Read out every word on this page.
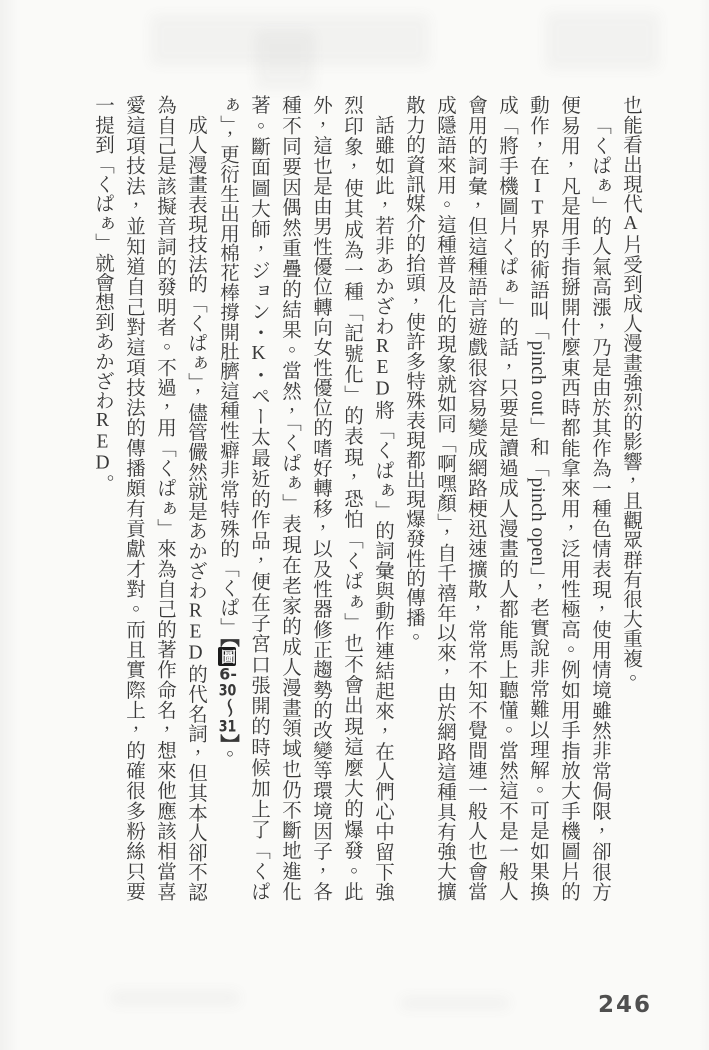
也能看出現代A片受到成人漫畫強烈的影響，且觀眾群有很大重複。

「くぱぁ」的人氣高漲，乃是由於其作為一種色情表現，使用情境雖然非常侷限，卻很方便易用，凡是用手指掰開什麼東西時都能拿來用，泛用性極高。例如用手指放大手機圖片的動作，在IT界的術語叫「pinch out」和「pinch open」，老實說非常難以理解。可是如果換成「將手機圖片くぱぁ」的話，只要是讀過成人漫畫的人都能馬上聽懂。當然這不是一般人會用的詞彙，但這種語言遊戲很容易變成網路梗迅速擴散，常常不知不覺間連一般人也會當成隱語來用。這種普及化的現象就如同「啊嘿顏」，自千禧年以來，由於網路這種具有強大擴散力的資訊媒介的抬頭，使許多特殊表現都出現爆發性的傳播。

話雖如此，若非あかざわRED將「くぱぁ」的詞彙與動作連結起來，在人們心中留下強烈印象，使其成為一種「記號化」的表現，恐怕「くぱぁ」也不會出現這麼大的爆發。此外，這也是由男性優位轉向女性優位的嗜好轉移，以及性器修正趨勢的改變等環境因子，各種不同要因偶然重疊的結果。當然，「くぱぁ」表現在老家的成人漫畫領域也仍不斷地進化著。斷面圖大師，ジョン・K・ペー太最近的作品，便在子宮口張開的時候加上了「くぱぁ」，更衍生出用棉花棒撐開肚臍這種性癖非常特殊的「くぱ」【圖6-30〜31】。

成人漫畫表現技法的「くぱぁ」，儘管儼然就是あかざわRED的代名詞，但其本人卻不認為自己是該擬音詞的發明者。不過，用「くぱぁ」來為自己的著作命名，想來他應該相當喜愛這項技法，並知道自己對這項技法的傳播頗有貢獻才對。而且實際上，的確很多粉絲只要一提到「くぱぁ」就會想到あかざわRED。

246
